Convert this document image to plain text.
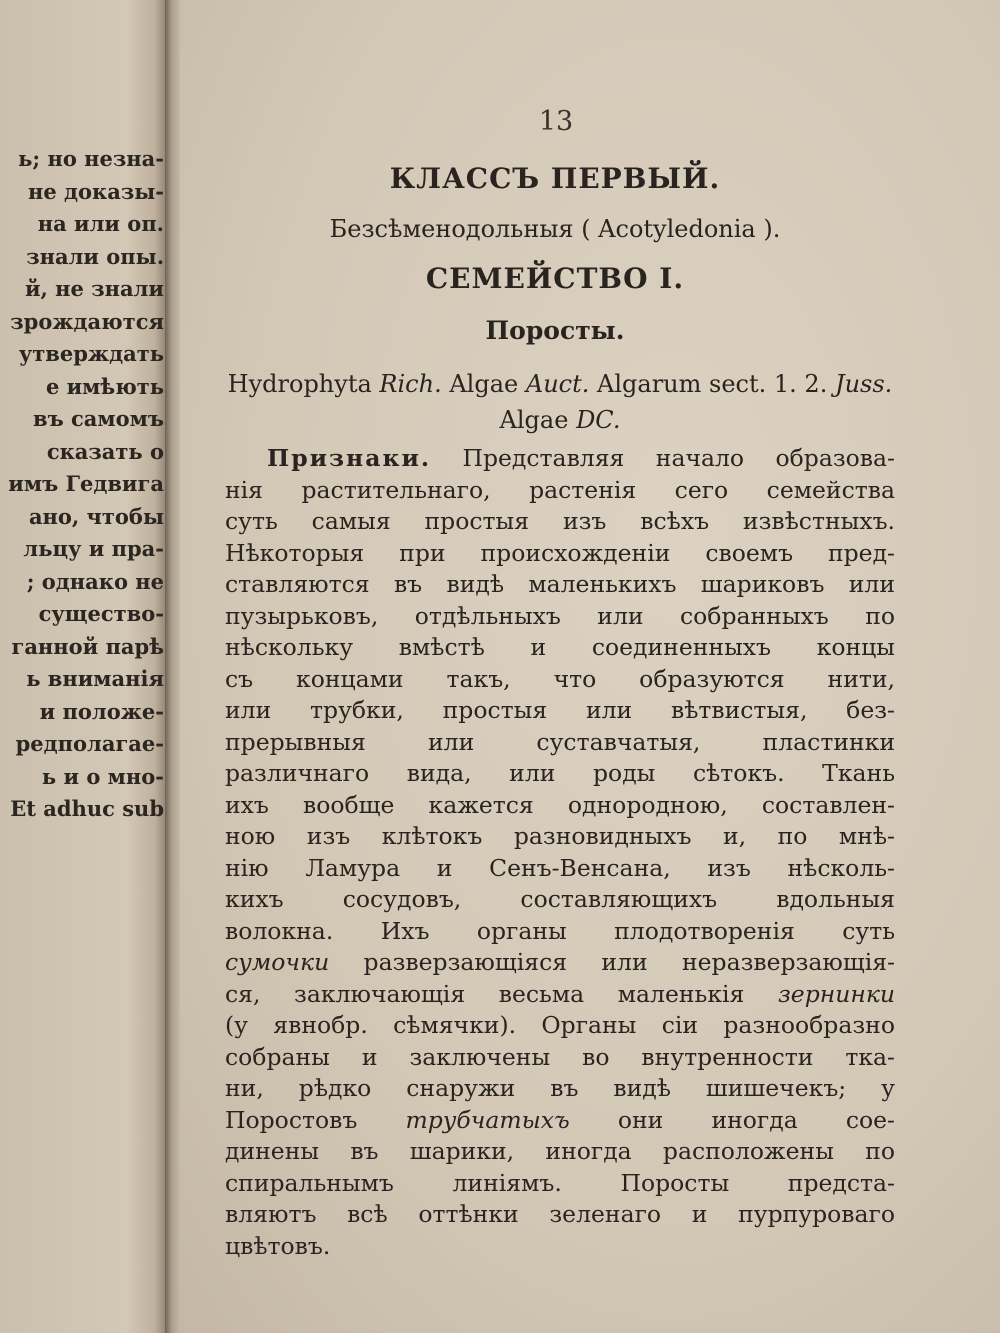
ь; но незна-
не доказы-
на или оп.
знали опы.
й, не знали
зрождаются
утверждать
е имѣють
въ самомъ
сказать о
имъ Гедвига
ано, чтобы
льцу и пра-
; однако не
существо-
ганной парѣ
ь вниманія
и положе-
редполагае-
ь и о мно-
Et adhuc sub
13
КЛАССЪ ПЕРВЫЙ.
Безсѣменодольныя ( Acotyledonia ).
СЕМЕЙСТВО I.
Поросты.
Hydrophyta Rich. Algae Auct. Algarum sect. 1. 2. Juss.
Algae DC.
Признаки. Представляя начало образова-
нія растительнаго, растенія сего семейства
суть самыя простыя изъ всѣхъ извѣстныхъ.
Нѣкоторыя при происхожденіи своемъ пред-
ставляются въ видѣ маленькихъ шариковъ или
пузырьковъ, отдѣльныхъ или собранныхъ по
нѣскольку вмѣстѣ и соединенныхъ концы
съ концами такъ, что образуются нити,
или трубки, простыя или вѣтвистыя, без-
прерывныя или суставчатыя, пластинки
различнаго вида, или роды сѣтокъ. Ткань
ихъ вообще кажется однородною, составлен-
ною изъ клѣтокъ разновидныхъ и, по мнѣ-
нію Ламура и Сенъ-Венсана, изъ нѣсколь-
кихъ сосудовъ, составляющихъ вдольныя
волокна. Ихъ органы плодотворенія суть
сумочки разверзающіяся или неразверзающія-
ся, заключающія весьма маленькія зернинки
(у явнобр. сѣмячки). Органы сіи разнообразно
собраны и заключены во внутренности тка-
ни, рѣдко снаружи въ видѣ шишечекъ; у
Поростовъ трубчатыхъ они иногда сое-
динены въ шарики, иногда расположены по
спиральнымъ линіямъ. Поросты предста-
вляютъ всѣ оттѣнки зеленаго и пурпуроваго
цвѣтовъ.
